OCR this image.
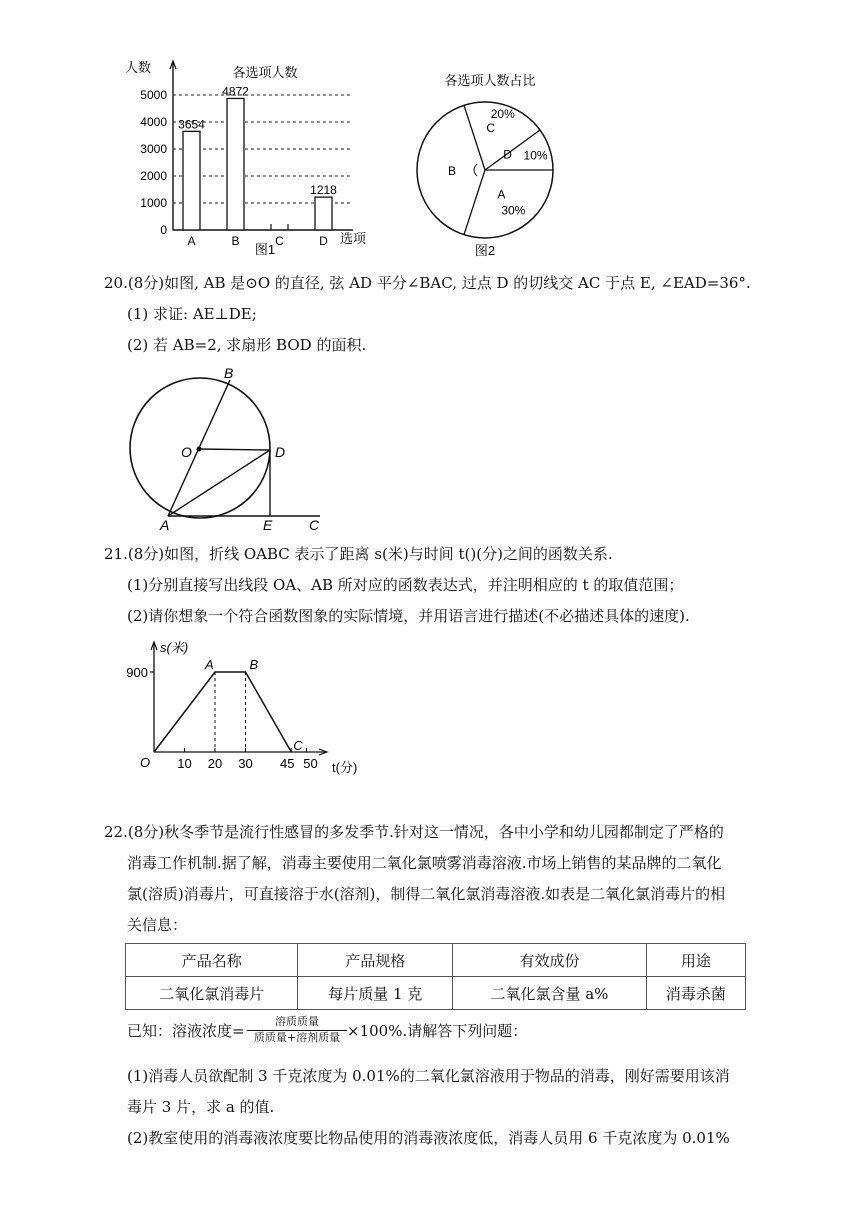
0
1000
2000
3000
4000
5000
人数
选项
各选项人数
3654
A
4872
B	C
1218
D
图1
各选项人数占比
A
30%
B
C
20%
D 10%
图2
20.(8分)如图, AB 是⊙O 的直径, 弦 AD 平分∠BAC, 过点 D 的切线交 AC 于点 E, ∠EAD=36°.
(1) 求证: AE⊥DE;
(2) 若 AB=2, 求扇形 BOD 的面积.
B
O	D
A	E	C
21.(8分)如图，折线 OABC 表示了距离 s(米)与时间 t()(分)之间的函数关系.
(1)分别直接写出线段 OA、AB 所对应的函数表达式，并注明相应的 t 的取值范围；
(2)请你想象一个符合函数图象的实际情境，并用语言进行描述(不必描述具体的速度).
s(米)
t(分)
O
900
10 20 30 45 50
A	B
C
22.(8分)秋冬季节是流行性感冒的多发季节.针对这一情况，各中小学和幼儿园都制定了严格的
消毒工作机制.据了解，消毒主要使用二氧化氯喷雾消毒溶液.市场上销售的某品牌的二氧化
氯(溶质)消毒片，可直接溶于水(溶剂)，制得二氧化氯消毒溶液.如表是二氧化氯消毒片的相
关信息：
产品名称	产品规格	有效成份	用途
二氧化氯消毒片	每片质量 1 克	二氧化氯含量 a%	消毒杀菌
已知：溶液浓度=
溶质质量
质质量+溶剂质量 ×100%.请解答下列问题：
(1)消毒人员欲配制 3 千克浓度为 0.01%的二氧化氯溶液用于物品的消毒，刚好需要用该消
毒片 3 片，求 a 的值.
(2)教室使用的消毒液浓度要比物品使用的消毒液浓度低，消毒人员用 6 千克浓度为 0.01%
